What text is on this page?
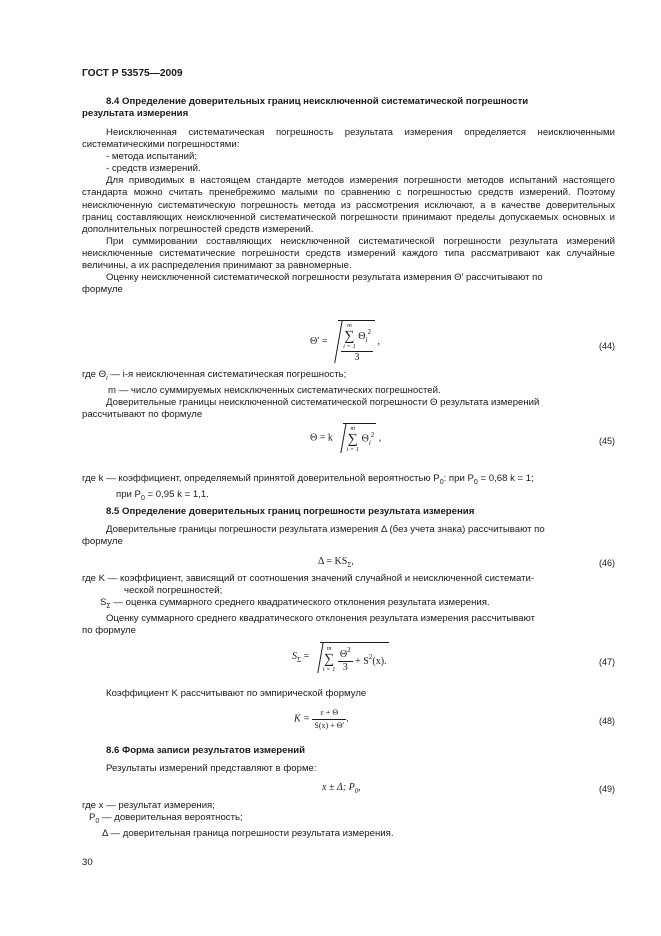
ГОСТ Р 53575—2009

8.4 Определение доверительных границ неисключенной систематической погрешности

результата измерения

Неисключенная систематическая погрешность результата измерения определяется неисключенными систематическими погрешностями:

- метода испытаний;

- средств измерений.

Для приводимых в настоящем стандарте методов измерения погрешности методов испытаний настоящего стандарта можно считать пренебрежимо малыми по сравнению с погрешностью средств измерений. Поэтому неисключенную систематическую погрешность метода из рассмотрения исключают, а в качестве доверительных границ составляющих неисключенной систематической погрешности принимают пределы допускаемых основных и дополнительных погрешностей средств измерений.

При суммировании составляющих неисключенной систематической погрешности результата измерений неисключенные систематические погрешности средств измерений каждого типа рассматривают как случайные величины, а их распределения принимают за равномерные.

Оценку неисключенной систематической погрешности результата измерения Θ′ рассчитывают по

формуле

Θ′ =
m
∑
i = 1
$\Theta_i^2$
3
,	(44)

где $\Theta_i$ — i-я неисключенная систематическая погрешность;

m — число суммируемых неисключенных систематических погрешностей.

Доверительные границы неисключенной систематической погрешности Θ результата измерений

рассчитывают по формуле

Θ = k
m
∑
i = 1
$\Theta_i^2$ ,	(45)

где k — коэффициент, определяемый принятой доверительной вероятностью $P_0$: при $P_0 = 0,68$ k = 1;

при $P_0 = 0,95$ k = 1,1.

8.5 Определение доверительных границ погрешности результата измерения

Доверительные границы погрешности результата измерения Δ (без учета знака) рассчитывают по

формуле

$\Delta = KS_\Sigma$,	(46)

где K — коэффициент, зависящий от соотношения значений случайной и неисключенной системати-

ческой погрешностей;

$S_\Sigma$ — оценка суммарного среднего квадратического отклонения результата измерения.

Оценку суммарного среднего квадратического отклонения результата измерения рассчитывают

по формуле

$S_\Sigma$ =
m
∑
i = 1
$\frac{\Theta^2}{3} + S^2(x)$.	(47)

Коэффициент K рассчитывают по эмпирической формуле

$K = \frac{\varepsilon + \Theta}{S(x) + \Theta'}$ .	(48)

8.6 Форма записи результатов измерений

Результаты измерений представляют в форме:

x ± Δ; $P_0$,	(49)

где x — результат измерения;

$P_0$ — доверительная вероятность;

Δ — доверительная граница погрешности результата измерения.

30
